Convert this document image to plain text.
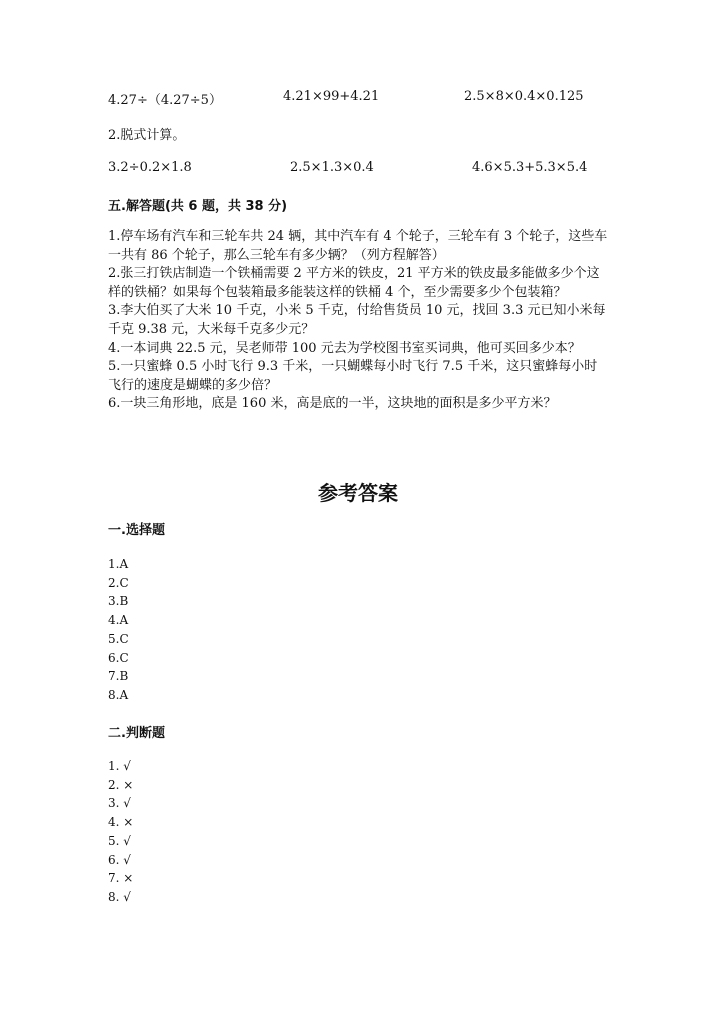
4.27÷（4.27÷5）	4.21×99+4.21	2.5×8×0.4×0.125
2.脱式计算。
3.2÷0.2×1.8	2.5×1.3×0.4	4.6×5.3+5.3×5.4
五.解答题(共 6 题，共 38 分)

1.停车场有汽车和三轮车共 24 辆，其中汽车有 4 个轮子，三轮车有 3 个轮子，这些车一共有 86 个轮子，那么三轮车有多少辆？（列方程解答）

2.张三打铁店制造一个铁桶需要 2 平方米的铁皮，21 平方米的铁皮最多能做多少个这样的铁桶？如果每个包装箱最多能装这样的铁桶 4 个，至少需要多少个包装箱？

3.李大伯买了大米 10 千克，小米 5 千克，付给售货员 10 元，找回 3.3 元已知小米每千克 9.38 元，大米每千克多少元？

4.一本词典 22.5 元，吴老师带 100 元去为学校图书室买词典，他可买回多少本？

5.一只蜜蜂 0.5 小时飞行 9.3 千米，一只蝴蝶每小时飞行 7.5 千米，这只蜜蜂每小时飞行的速度是蝴蝶的多少倍？

6.一块三角形地，底是 160 米，高是底的一半，这块地的面积是多少平方米？

参考答案
一.选择题
1.A
2.C
3.B
4.A
5.C
6.C
7.B
8.A
二.判断题
1. √
2. ×
3. √
4. ×
5. √
6. √
7. ×
8. √
